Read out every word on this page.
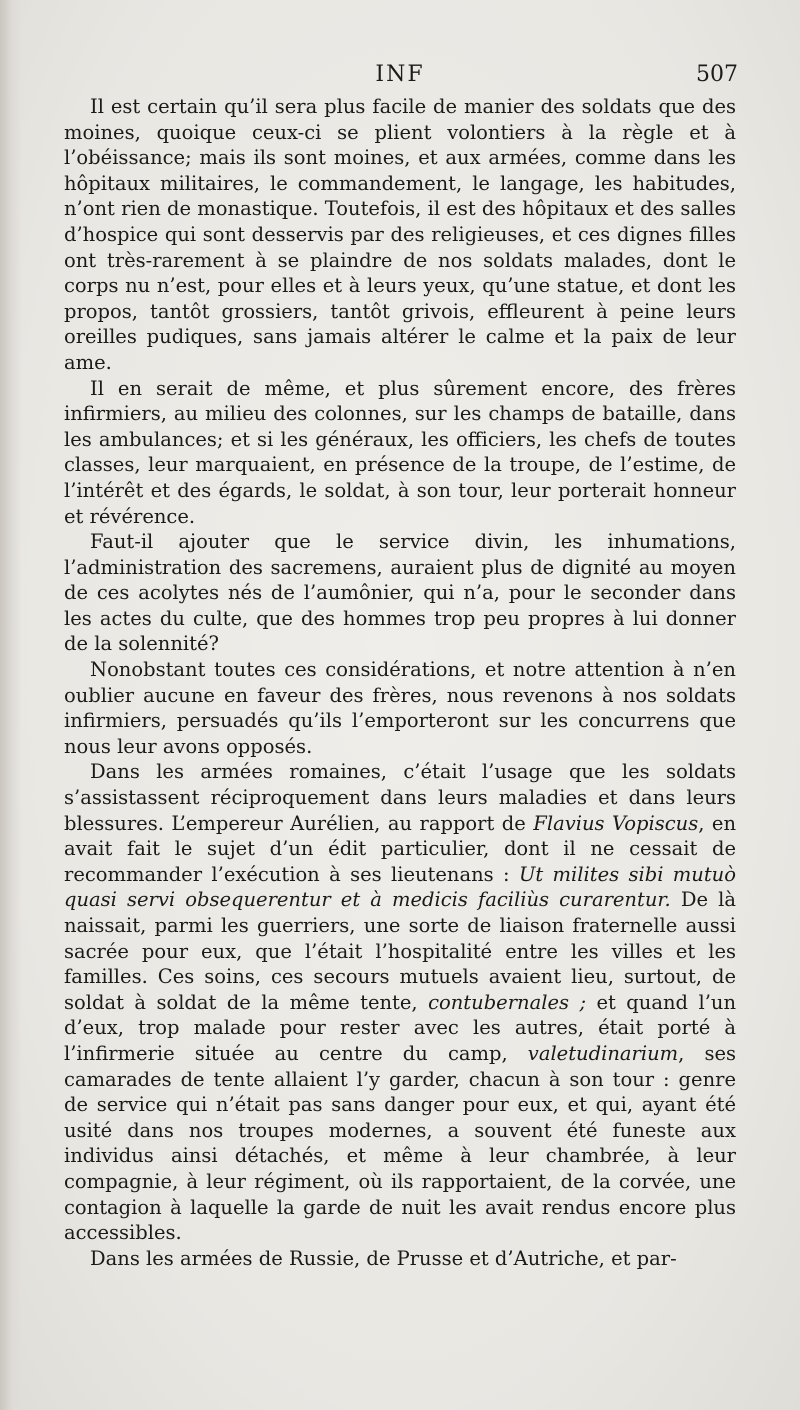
INF	507

Il est certain qu’il sera plus facile de manier des soldats que des moines, quoique ceux-ci se plient volontiers à la règle et à l’obéissance; mais ils sont moines, et aux armées, comme dans les hôpitaux militaires, le commandement, le langage, les habitudes, n’ont rien de monastique. Toutefois, il est des hôpitaux et des salles d’hospice qui sont desservis par des religieuses, et ces dignes filles ont très-rarement à se plaindre de nos soldats malades, dont le corps nu n’est, pour elles et à leurs yeux, qu’une statue, et dont les propos, tantôt grossiers, tantôt grivois, effleurent à peine leurs oreilles pudiques, sans jamais altérer le calme et la paix de leur ame.

Il en serait de même, et plus sûrement encore, des frères infirmiers, au milieu des colonnes, sur les champs de bataille, dans les ambulances; et si les généraux, les officiers, les chefs de toutes classes, leur marquaient, en présence de la troupe, de l’estime, de l’intérêt et des égards, le soldat, à son tour, leur porterait honneur et révérence.

Faut-il ajouter que le service divin, les inhumations, l’administration des sacremens, auraient plus de dignité au moyen de ces acolytes nés de l’aumônier, qui n’a, pour le seconder dans les actes du culte, que des hommes trop peu propres à lui donner de la solennité?

Nonobstant toutes ces considérations, et notre attention à n’en oublier aucune en faveur des frères, nous revenons à nos soldats infirmiers, persuadés qu’ils l’emporteront sur les concurrens que nous leur avons opposés.

Dans les armées romaines, c’était l’usage que les soldats s’assistassent réciproquement dans leurs maladies et dans leurs blessures. L’empereur Aurélien, au rapport de Flavius Vopiscus, en avait fait le sujet d’un édit particulier, dont il ne cessait de recommander l’exécution à ses lieutenans : Ut milites sibi mutuò quasi servi obsequerentur et à medicis faciliùs curarentur. De là naissait, parmi les guerriers, une sorte de liaison fraternelle aussi sacrée pour eux, que l’était l’hospitalité entre les villes et les familles. Ces soins, ces secours mutuels avaient lieu, surtout, de soldat à soldat de la même tente, contubernales ; et quand l’un d’eux, trop malade pour rester avec les autres, était porté à l’infirmerie située au centre du camp, valetudinarium, ses camarades de tente allaient l’y garder, chacun à son tour : genre de service qui n’était pas sans danger pour eux, et qui, ayant été usité dans nos troupes modernes, a souvent été funeste aux individus ainsi détachés, et même à leur chambrée, à leur compagnie, à leur régiment, où ils rapportaient, de la corvée, une contagion à laquelle la garde de nuit les avait rendus encore plus accessibles.

Dans les armées de Russie, de Prusse et d’Autriche, et par-
